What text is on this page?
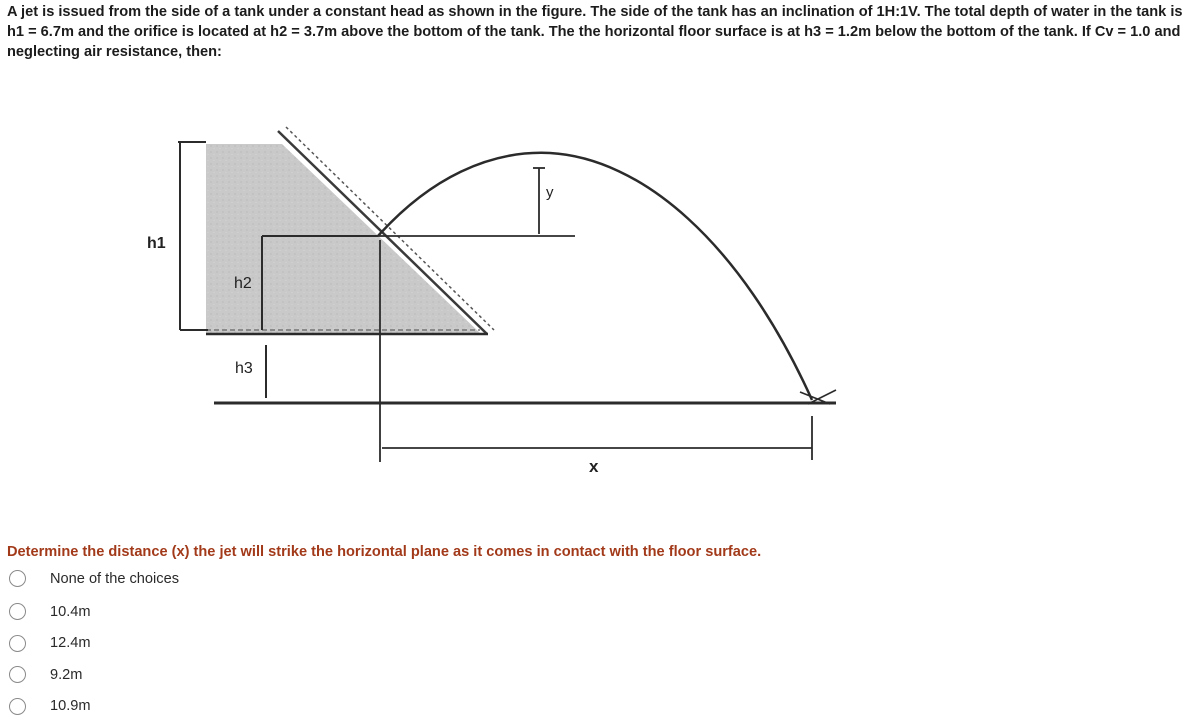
A jet is issued from the side of a tank under a constant head as shown in the figure. The side of the tank has an inclination of 1H:1V. The total depth of water in the tank is h1 = 6.7m and the orifice is located at h2 = 3.7m above the bottom of the tank. The the horizontal floor surface is at h3 = 1.2m below the bottom of the tank. If Cv = 1.0 and neglecting air resistance, then:

h1
h2
h3
y
x

Determine the distance (x) the jet will strike the horizontal plane as it comes in contact with the floor surface.

None of the choices
10.4m
12.4m
9.2m
10.9m
